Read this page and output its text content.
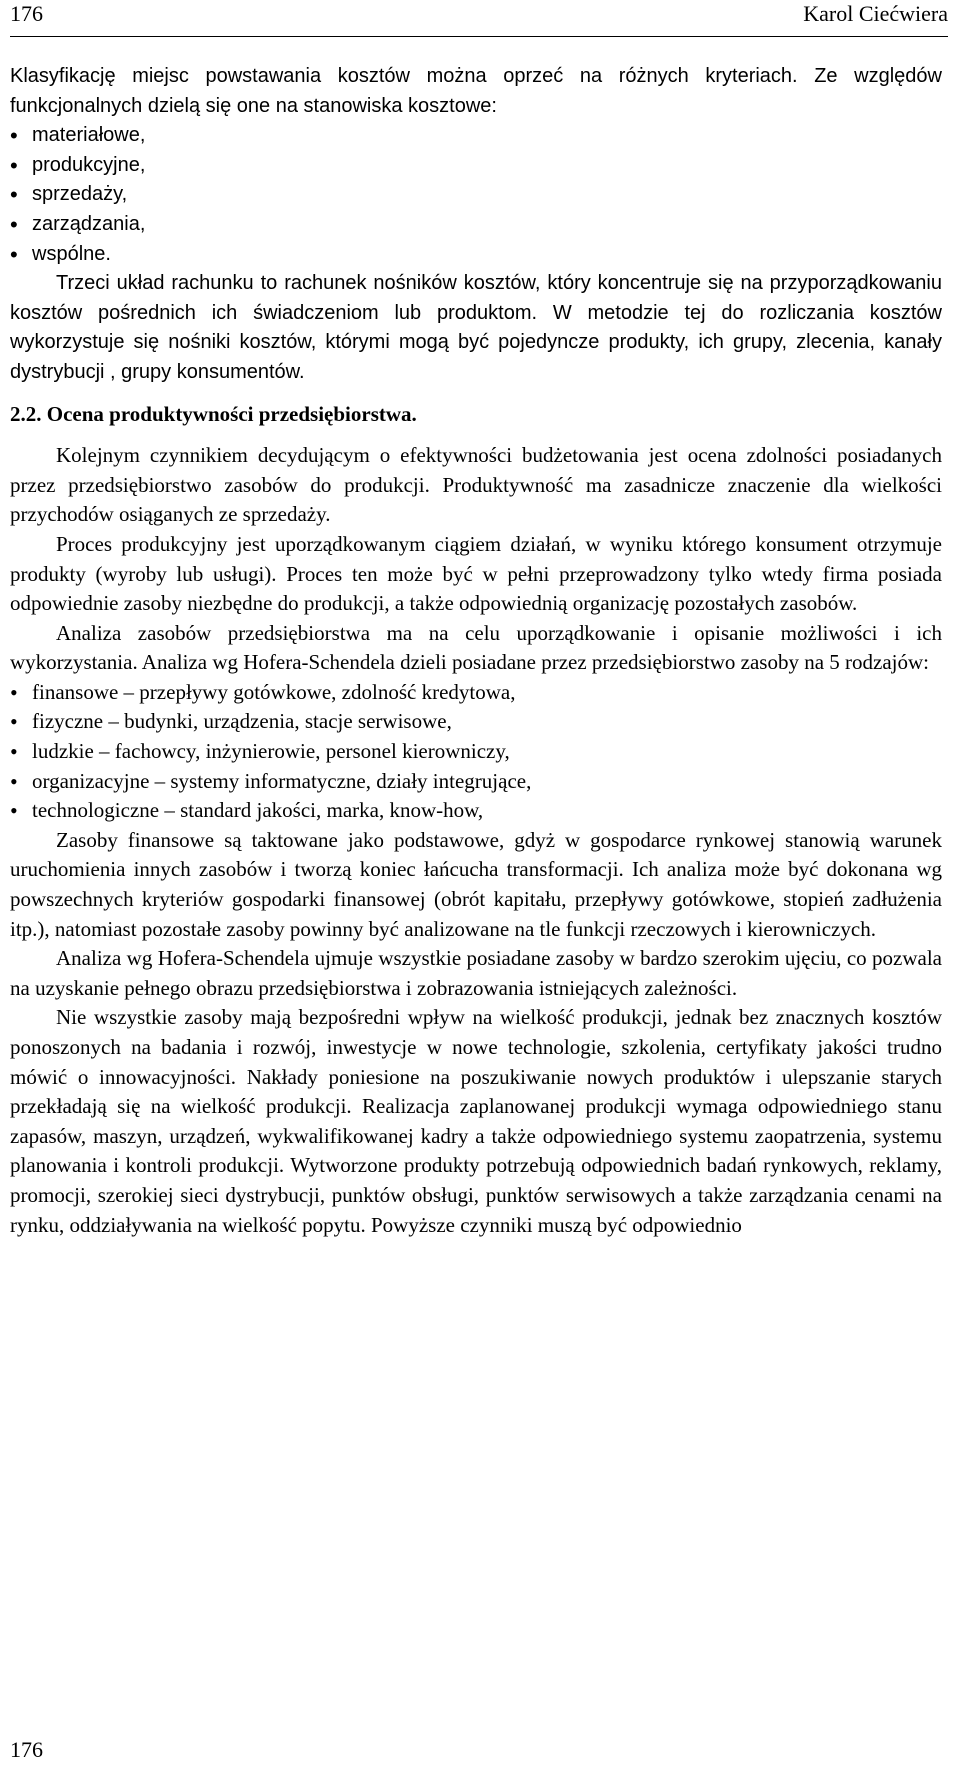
176	Karol Ciećwiera

Klasyfikację miejsc powstawania kosztów można oprzeć na różnych kryteriach. Ze względów funkcjonalnych dzielą się one na stanowiska kosztowe:

• materiałowe,
• produkcyjne,
• sprzedaży,
• zarządzania,
• wspólne.

Trzeci układ rachunku to rachunek nośników kosztów, który koncentruje się na przyporządkowaniu kosztów pośrednich ich świadczeniom lub produktom. W metodzie tej do rozliczania kosztów wykorzystuje się nośniki kosztów, którymi mogą być pojedyncze produkty, ich grupy, zlecenia, kanały dystrybucji , grupy konsumentów.

2.2. Ocena produktywności przedsiębiorstwa.

Kolejnym czynnikiem decydującym o efektywności budżetowania jest ocena zdolności posiadanych przez przedsiębiorstwo zasobów do produkcji. Produktywność ma zasadnicze znaczenie dla wielkości przychodów osiąganych ze sprzedaży.

Proces produkcyjny jest uporządkowanym ciągiem działań, w wyniku którego konsument otrzymuje produkty (wyroby lub usługi). Proces ten może być w pełni przeprowadzony tylko wtedy firma posiada odpowiednie zasoby niezbędne do produkcji, a także odpowiednią organizację pozostałych zasobów.

Analiza zasobów przedsiębiorstwa ma na celu uporządkowanie i opisanie możliwości i ich wykorzystania. Analiza wg Hofera-Schendela dzieli posiadane przez przedsiębiorstwo zasoby na 5 rodzajów:

• finansowe – przepływy gotówkowe, zdolność kredytowa,
• fizyczne – budynki, urządzenia, stacje serwisowe,
• ludzkie – fachowcy, inżynierowie, personel kierowniczy,
• organizacyjne – systemy informatyczne, działy integrujące,
• technologiczne – standard jakości, marka, know-how,

Zasoby finansowe są taktowane jako podstawowe, gdyż w gospodarce rynkowej stanowią warunek uruchomienia innych zasobów i tworzą koniec łańcucha transformacji. Ich analiza może być dokonana wg powszechnych kryteriów gospodarki finansowej (obrót kapitału, przepływy gotówkowe, stopień zadłużenia itp.), natomiast pozostałe zasoby powinny być analizowane na tle funkcji rzeczowych i kierowniczych.

Analiza wg Hofera-Schendela ujmuje wszystkie posiadane zasoby w bardzo szerokim ujęciu, co pozwala na uzyskanie pełnego obrazu przedsiębiorstwa i zobrazowania istniejących zależności.

Nie wszystkie zasoby mają bezpośredni wpływ na wielkość produkcji, jednak bez znacznych kosztów ponoszonych na badania i rozwój, inwestycje w nowe technologie, szkolenia, certyfikaty jakości trudno mówić o innowacyjności. Nakłady poniesione na poszukiwanie nowych produktów i ulepszanie starych przekładają się na wielkość produkcji. Realizacja zaplanowanej produkcji wymaga odpowiedniego stanu zapasów, maszyn, urządzeń, wykwalifikowanej kadry a także odpowiedniego systemu zaopatrzenia, systemu planowania i kontroli produkcji. Wytworzone produkty potrzebują odpowiednich badań rynkowych, reklamy, promocji, szerokiej sieci dystrybucji, punktów obsługi, punktów serwisowych a także zarządzania cenami na rynku, oddziaływania na wielkość popytu. Powyższe czynniki muszą być odpowiednio

176
